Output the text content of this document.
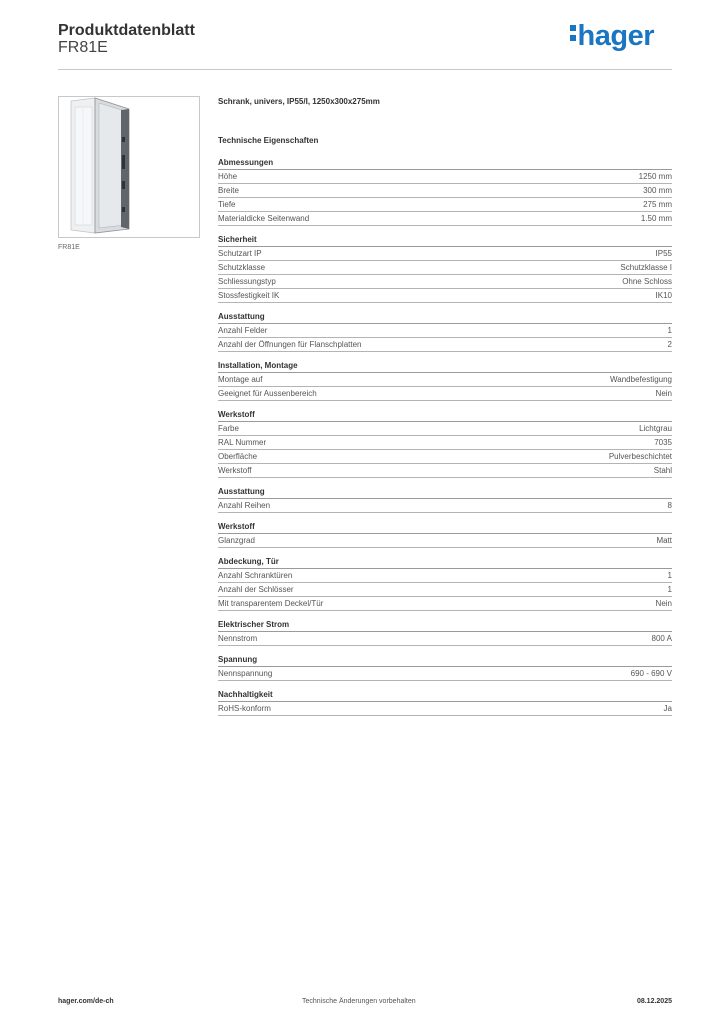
Produktdatenblatt
FR81E	hager
FR81E
Schrank, univers, IP55/I, 1250x300x275mm
Technische Eigenschaften
Abmessungen
Höhe	1250 mm
Breite	300 mm
Tiefe	275 mm
Materialdicke Seitenwand	1.50 mm
Sicherheit
Schutzart IP	IP55
Schutzklasse	Schutzklasse I
Schliessungstyp	Ohne Schloss
Stossfestigkeit IK	IK10
Ausstattung
Anzahl Felder	1
Anzahl der Öffnungen für Flanschplatten	2
Installation, Montage
Montage auf	Wandbefestigung
Geeignet für Aussenbereich	Nein
Werkstoff
Farbe	Lichtgrau
RAL Nummer	7035
Oberfläche	Pulverbeschichtet
Werkstoff	Stahl
Ausstattung
Anzahl Reihen	8
Werkstoff
Glanzgrad	Matt
Abdeckung, Tür
Anzahl Schranktüren	1
Anzahl der Schlösser	1
Mit transparentem Deckel/Tür	Nein
Elektrischer Strom
Nennstrom	800 A
Spannung
Nennspannung	690 - 690 V
Nachhaltigkeit
RoHS-konform	Ja
hager.com/de-ch	Technische Änderungen vorbehalten	08.12.2025
